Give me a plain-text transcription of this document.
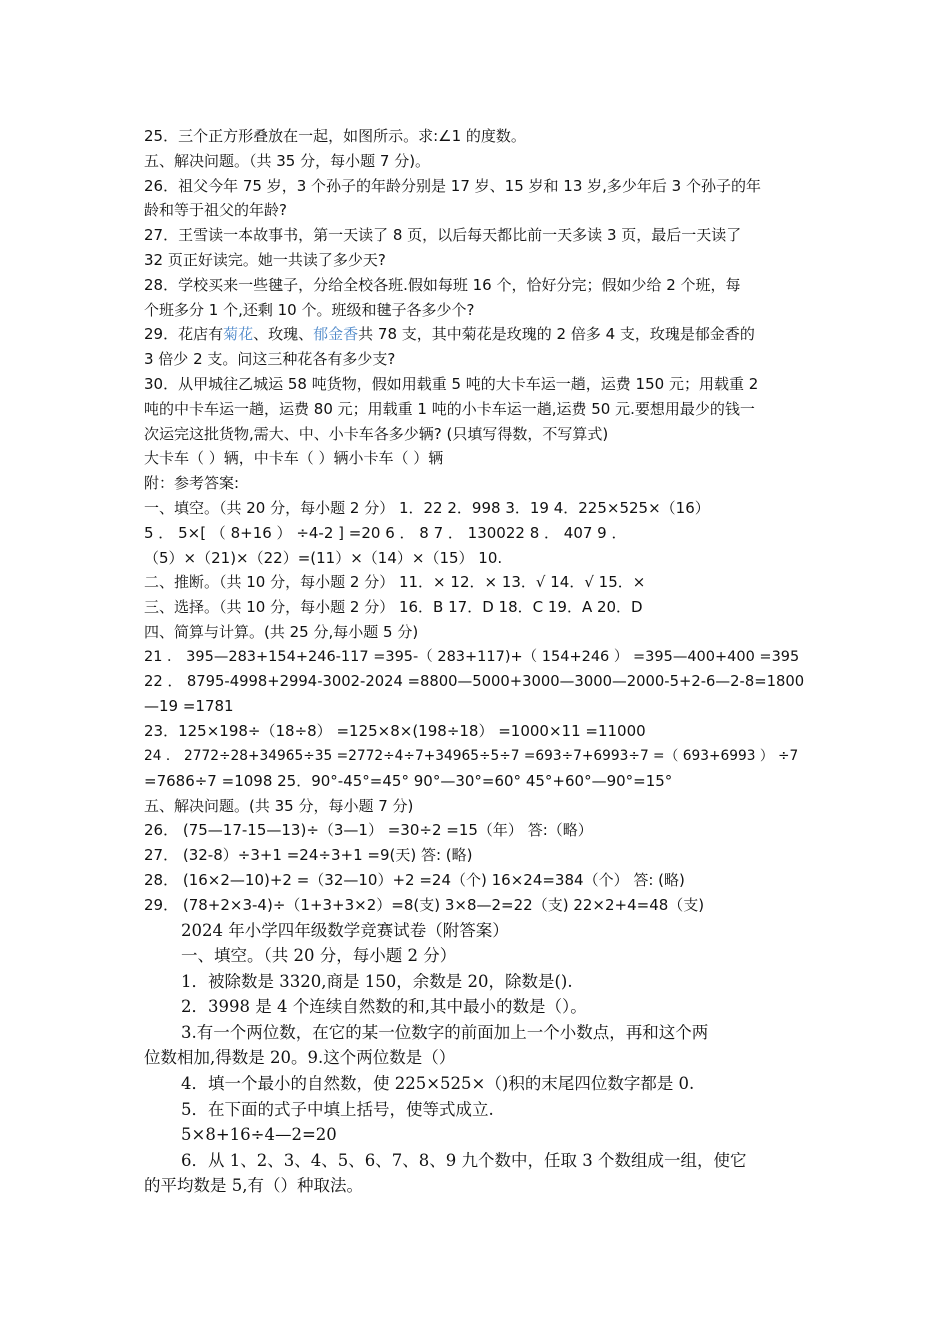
25．三个正方形叠放在一起，如图所示。求:∠1 的度数。
五、解决问题。（共 35 分，每小题 7 分)。
26．祖父今年 75 岁，3 个孙子的年龄分别是 17 岁、15 岁和 13 岁,多少年后 3 个孙子的年
龄和等于祖父的年龄?
27．王雪读一本故事书，第一天读了 8 页，以后每天都比前一天多读 3 页，最后一天读了
32 页正好读完。她一共读了多少天?
28．学校买来一些毽子，分给全校各班.假如每班 16 个，恰好分完；假如少给 2 个班，每
个班多分 1 个,还剩 10 个。班级和毽子各多少个?
29．花店有菊花、玫瑰、郁金香共 78 支，其中菊花是玫瑰的 2 倍多 4 支，玫瑰是郁金香的
3 倍少 2 支。问这三种花各有多少支?
30．从甲城往乙城运 58 吨货物，假如用载重 5 吨的大卡车运一趟，运费 150 元；用载重 2
吨的中卡车运一趟，运费 80 元；用载重 1 吨的小卡车运一趟,运费 50 元.要想用最少的钱一
次运完这批货物,需大、中、小卡车各多少辆? (只填写得数，不写算式)
大卡车（ ）辆，中卡车（ ）辆小卡车（ ）辆
附：参考答案:
一、填空。（共 20 分，每小题 2 分） 1．22 2．998 3．19 4．225×525×（16）
5 ． 5×[ （ 8+16 ） ÷4-2 ] =20 6 ． 8 7 ． 130022 8 ． 407 9 ．
（5）×（21)×（22）=(11）×（14）×（15） 10.
二、推断。（共 10 分，每小题 2 分） 11．× 12．× 13．√ 14．√ 15．×
三、选择。（共 10 分，每小题 2 分） 16．B 17．D 18．C 19．A 20．D
四、简算与计算。(共 25 分,每小题 5 分)
21 ． 395—283+154+246-117 =395-（ 283+117)+（ 154+246 ） =395—400+400 =395
22 ． 8795-4998+2994-3002-2024 =8800—5000+3000—3000—2000-5+2-6—2-8=1800
—19 =1781
23．125×198÷（18÷8） =125×8×(198÷18） =1000×11 =11000
24 ． 2772÷28+34965÷35 =2772÷4÷7+34965÷5÷7 =693÷7+6993÷7 =（ 693+6993 ） ÷7
=7686÷7 =1098 25．90°-45°=45° 90°—30°=60° 45°+60°—90°=15°
五、解决问题。(共 35 分，每小题 7 分)
26． (75—17-15—13)÷（3—1） =30÷2 =15（年） 答:（略）
27． (32-8）÷3+1 =24÷3+1 =9(天) 答: (略)
28． (16×2—10)+2 =（32—10）+2 =24（个) 16×24=384（个） 答: (略)
29． (78+2×3-4)÷（1+3+3×2）=8(支) 3×8—2=22（支) 22×2+4=48（支)
2024 年小学四年级数学竞赛试卷（附答案）
一、填空。（共 20 分，每小题 2 分）
1．被除数是 3320,商是 150，余数是 20，除数是().
2．3998 是 4 个连续自然数的和,其中最小的数是（）。
3.有一个两位数，在它的某一位数字的前面加上一个小数点，再和这个两
位数相加,得数是 20。9.这个两位数是（）
4．填一个最小的自然数，使 225×525×（)积的末尾四位数字都是 0.
5．在下面的式子中填上括号，使等式成立.
5×8+16÷4—2=20
6．从 1、2、3、4、5、6、7、8、9 九个数中，任取 3 个数组成一组，使它
的平均数是 5,有（）种取法。
